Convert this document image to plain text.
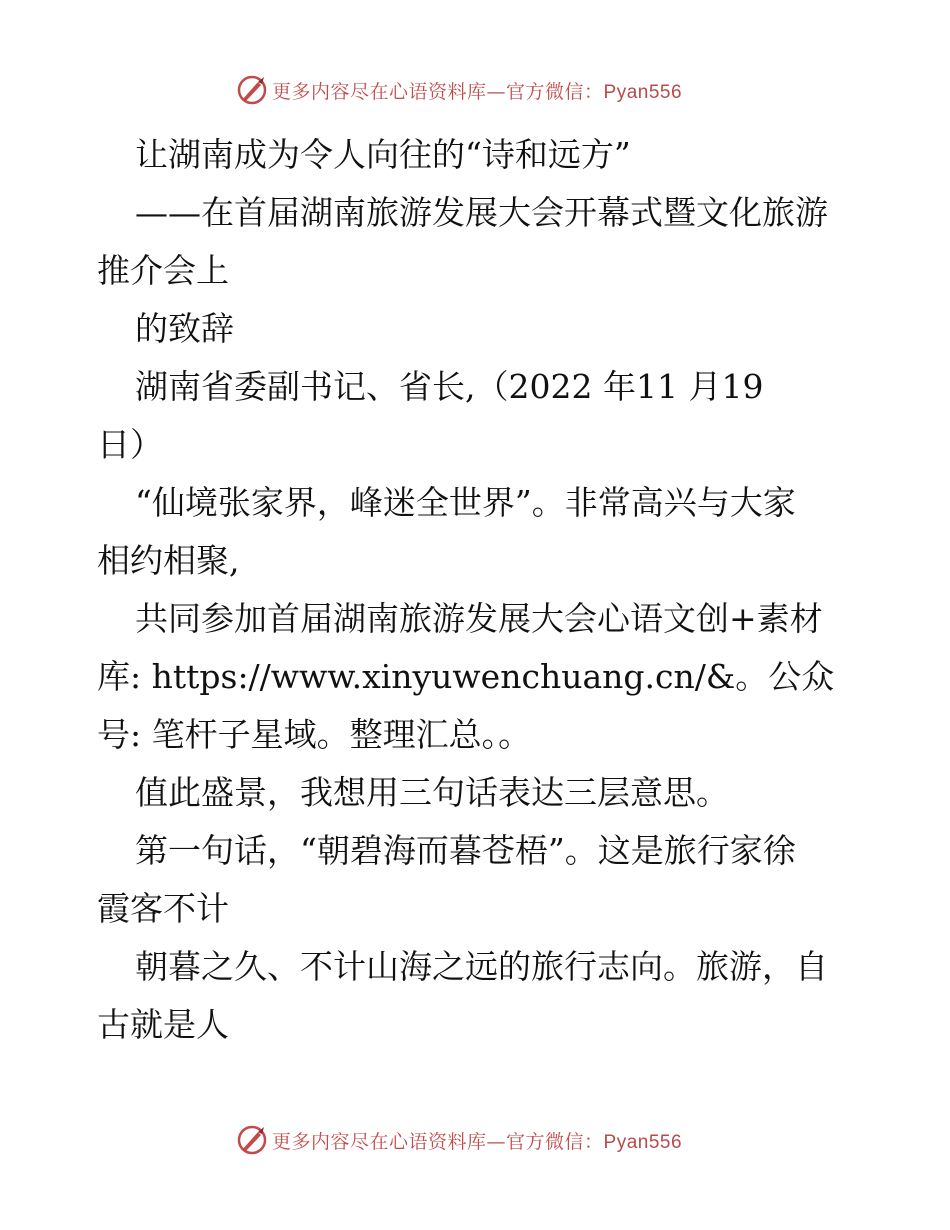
更多内容尽在心语资料库—官方微信：Pyan556
让湖南成为令人向往的“诗和远方”
——在首届湖南旅游发展大会开幕式暨文化旅游
推介会上
的致辞
湖南省委副书记、省长,（2022 年11 月19
日）
“仙境张家界，峰迷全世界”。非常高兴与大家
相约相聚,
共同参加首届湖南旅游发展大会心语文创+素材
库: https://www.xinyuwenchuang.cn/&。公众
号: 笔杆子星域。整理汇总。。
值此盛景，我想用三句话表达三层意思。
第一句话，“朝碧海而暮苍梧”。这是旅行家徐
霞客不计
朝暮之久、不计山海之远的旅行志向。旅游，自
古就是人
更多内容尽在心语资料库—官方微信：Pyan556
